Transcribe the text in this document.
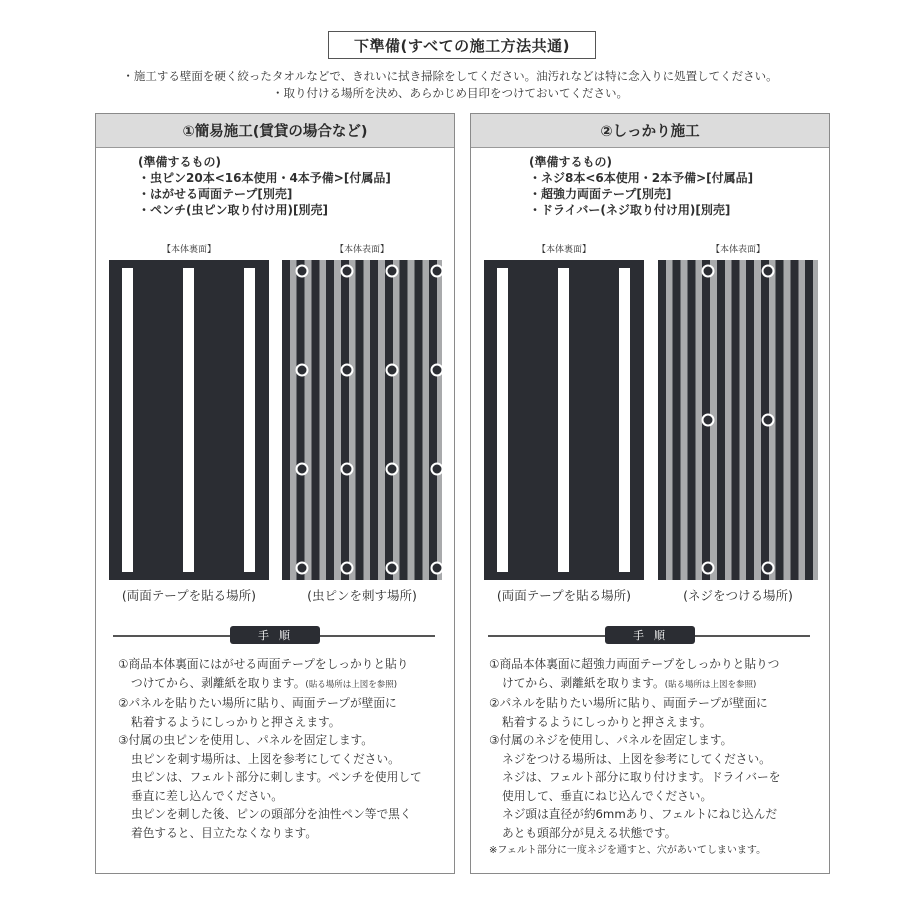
下準備(すべての施工方法共通)
・施工する壁面を硬く絞ったタオルなどで、きれいに拭き掃除をしてください。油汚れなどは特に念入りに処置してください。
・取り付ける場所を決め、あらかじめ目印をつけておいてください。
①簡易施工(賃貸の場合など)
(準備するもの)
・虫ピン20本<16本使用・4本予備>[付属品]
・はがせる両面テープ[別売]
・ペンチ(虫ピン取り付け用)[別売]
【本体裏面】	【本体表面】
(両面テープを貼る場所)	(虫ピンを刺す場所)
手順
①商品本体裏面にはがせる両面テープをしっかりと貼り
つけてから、剥離紙を取ります。(貼る場所は上図を参照)
②パネルを貼りたい場所に貼り、両面テープが壁面に
粘着するようにしっかりと押さえます。
③付属の虫ピンを使用し、パネルを固定します。
虫ピンを刺す場所は、上図を参考にしてください。
虫ピンは、フェルト部分に刺します。ペンチを使用して
垂直に差し込んでください。
虫ピンを刺した後、ピンの頭部分を油性ペン等で黒く
着色すると、目立たなくなります。
②しっかり施工
(準備するもの)
・ネジ8本<6本使用・2本予備>[付属品]
・超強力両面テープ[別売]
・ドライバー(ネジ取り付け用)[別売]
【本体裏面】	【本体表面】
(両面テープを貼る場所)	(ネジをつける場所)
手順
①商品本体裏面に超強力両面テープをしっかりと貼りつ
けてから、剥離紙を取ります。(貼る場所は上図を参照)
②パネルを貼りたい場所に貼り、両面テープが壁面に
粘着するようにしっかりと押さえます。
③付属のネジを使用し、パネルを固定します。
ネジをつける場所は、上図を参考にしてください。
ネジは、フェルト部分に取り付けます。ドライバーを
使用して、垂直にねじ込んでください。
ネジ頭は直径が約6mmあり、フェルトにねじ込んだ
あとも頭部分が見える状態です。
※フェルト部分に一度ネジを通すと、穴があいてしまいます。
